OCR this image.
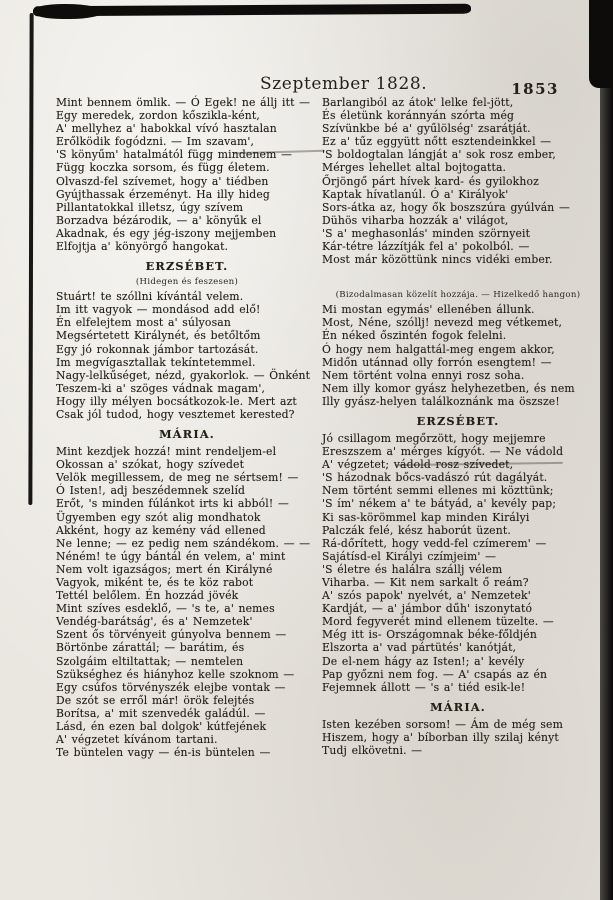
Szeptember 1828.	1853
Mint bennem ömlik. — Ó Egek! ne állj itt —
Egy meredek, zordon kőszikla-ként,
A' mellyhez a' habokkal vívó hasztalan
Erőlködik fogódzni. — Im szavam',
'S könyűm' hatalmától függ mindenem —
Függ koczka sorsom, és függ életem.
Olvaszd-fel szívemet, hogy a' tiédben
Gyújthassak érzeményt. Ha illy hideg
Pillantatokkal illetsz, úgy szívem
Borzadva bézárodik, — a' könyűk el
Akadnak, és egy jég-iszony mejjemben
Elfojtja a' könyörgő hangokat.
ERZSÉBET.
(Hidegen és feszesen)
Stuárt! te szóllni kívántál velem.
Im itt vagyok — mondásod add elő!
Én elfelejtem most a' súlyosan
Megsértetett Királynét, és betőltőm
Egy jó rokonnak jámbor tartozását.
Im megvígasztallak tekíntetemmel.
Nagy-lelkűséget, nézd, gyakorlok. — Önként
Teszem-ki a' szöges vádnak magam',
Hogy illy mélyen bocsátkozok-le. Mert azt
Csak jól tudod, hogy vesztemet kerested?
MÁRIA.
Mint kezdjek hozzá! mint rendeljem-el
Okossan a' szókat, hogy szívedet
Velök megillessem, de meg ne sértsem! —
Ó Isten!, adj beszédemnek szelíd
Erőt, 's minden fúlánkot irts ki abból! —
Ügyemben egy szót alig mondhatok
Akként, hogy az kemény vád ellened
Ne lenne; — ez pedig nem szándékom. — —
Néném! te úgy bántál én velem, a' mint
Nem volt igazságos; mert én Királyné
Vagyok, miként te, és te köz rabot
Tettél belőlem. Én hozzád jövék
Mint szíves esdeklő, — 's te, a' nemes
Vendég-barátság', és a' Nemzetek'
Szent ős törvényeit gúnyolva bennem —
Börtönbe zárattál; — barátim, és
Szolgáim eltiltattak; — nemtelen
Szükséghez és hiányhoz kelle szoknom —
Egy csúfos törvényszék elejbe vontak —
De szót se erről már! örök felejtés
Borítsa, a' mit szenvedék galádúl. —
Lásd, én ezen bal dolgok' kútfejének
A' végzetet kívánom tartani.
Te büntelen vagy — én-is büntelen —
Barlangiból az átok' lelke fel-jött,
És életünk koránnyán szórta még
Szívünkbe bé a' gyűlölség' zsarátját.
Ez a' tűz eggyütt nőtt esztendeinkkel —
'S boldogtalan lángját a' sok rosz ember,
Mérges lehellet altal bojtogatta.
Őrjöngő párt hívek kard- és gyilokhoz
Kaptak hívatlanúl. Ó a' Királyok'
Sors-átka az, hogy ők boszszúra gyúlván —
Dühös viharba hozzák a' világot,
'S a' meghasonlás' minden szörnyeit
Kár-tétre lázzítják fel a' pokolból. —
Most már közöttünk nincs vidéki ember.
(Bizodalmasan közelít hozzája. — Hizelkedő hangon)
Mi mostan egymás' ellenében állunk.
Most, Néne, szóllj! nevezd meg vétkemet,
Én néked őszintén fogok felelni.
Ó hogy nem halgattál-meg engem akkor,
Midőn utánnad olly forrón esengtem! —
Nem történt volna ennyi rosz soha.
Nem illy komor gyász helyhezetben, és nem
Illy gyász-helyen találkoznánk ma öszsze!
ERZSÉBET.
Jó csillagom megőrzött, hogy mejjemre
Ereszszem a' mérges kígyót. — Ne vádold
A' végzetet; vádold rosz szívedet,
'S házodnak bőcs-vadászó rút dagályát.
Nem történt semmi ellenes mi közttünk;
'S ím' nékem a' te bátyád, a' kevély pap;
Ki sas-körömmel kap minden Királyi
Palczák felé, kész haborút üzent.
Rá-dőrített, hogy vedd-fel czímerem' —
Sajátísd-el Királyi czímjeim' —
'S életre és halálra szállj vélem
Viharba. — Kit nem sarkalt ő reám?
A' szós papok' nyelvét, a' Nemzetek'
Kardját, — a' jámbor dűh' iszonytató
Mord fegyverét mind ellenem tüzelte. —
Még itt is- Országomnak béke-főldjén
Elszorta a' vad pártütés' kanótját,
De el-nem hágy az Isten!; a' kevély
Pap győzni nem fog. — A' csapás az én
Fejemnek állott — 's a' tiéd esik-le!
MÁRIA.
Isten kezében sorsom! — Ám de még sem
Hiszem, hogy a' bíborban illy szilaj kényt
Tudj elkövetni. —
